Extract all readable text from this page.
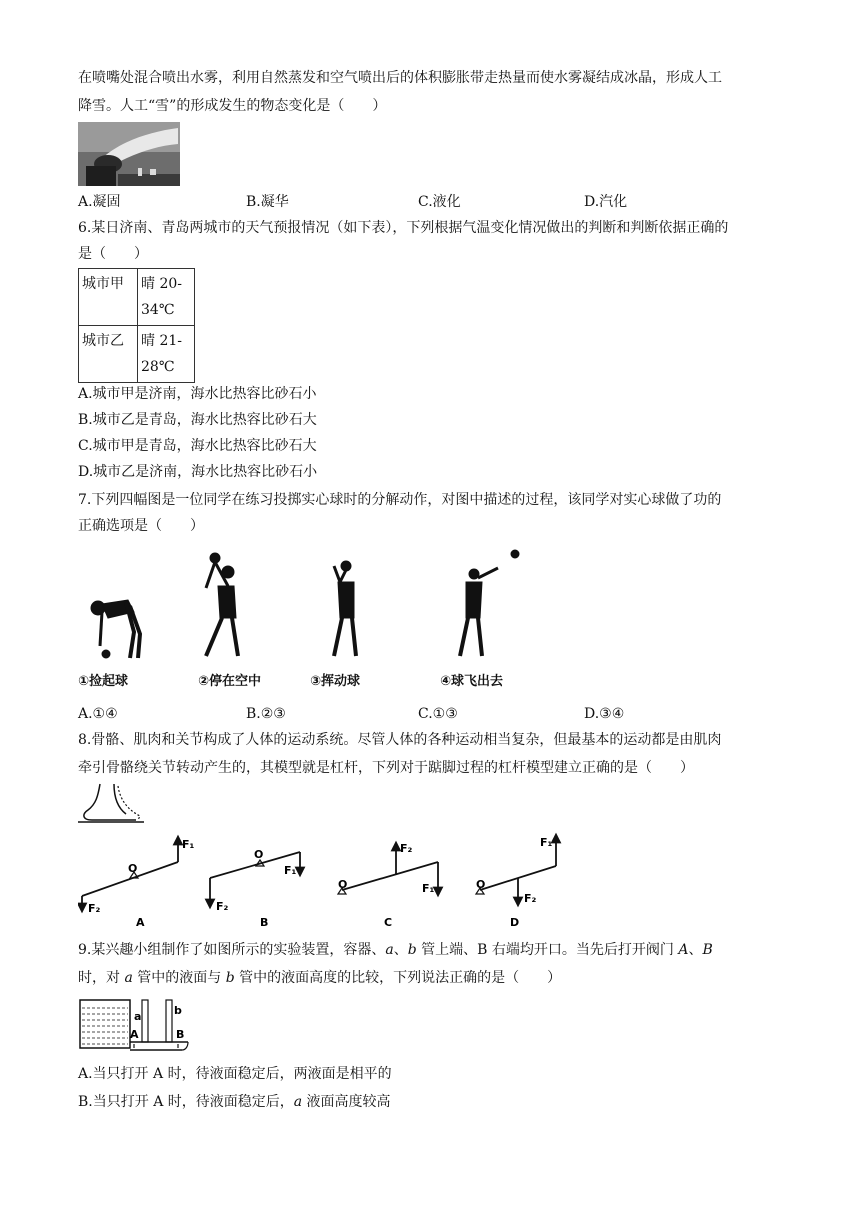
在喷嘴处混合喷出水雾，利用自然蒸发和空气喷出后的体积膨胀带走热量而使水雾凝结成冰晶，形成人工
降雪。人工“雪”的形成发生的物态变化是（　　）
A.凝固	B.凝华	C.液化	D.汽化
6.某日济南、青岛两城市的天气预报情况（如下表），下列根据气温变化情况做出的判断和判断依据正确的
是（　　）
城市甲	晴 20-
34℃
城市乙	晴 21-
28℃
A.城市甲是济南，海水比热容比砂石小
B.城市乙是青岛，海水比热容比砂石大
C.城市甲是青岛，海水比热容比砂石大
D.城市乙是济南，海水比热容比砂石小
7.下列四幅图是一位同学在练习投掷实心球时的分解动作，对图中描述的过程，该同学对实心球做了功的
正确选项是（　　）
①捡起球	②停在空中	③挥动球	④球飞出去
A.①④	B.②③	C.①③	D.③④
8.骨骼、肌肉和关节构成了人体的运动系统。尽管人体的各种运动相当复杂，但最基本的运动都是由肌肉
牵引骨骼绕关节转动产生的，其模型就是杠杆，下列对于踮脚过程的杠杆模型建立正确的是（　　）
O
F₁
F₂
A
O
F₁
F₂
B
O
F₂
F₁
C
O
F₁
F₂
D
9.某兴趣小组制作了如图所示的实验装置，容器、a、b 管上端、B 右端均开口。当先后打开阀门 A、B
时，对 a 管中的液面与 b 管中的液面高度的比较，下列说法正确的是（　　）
a	b
A	B
A.当只打开 A 时，待液面稳定后，两液面是相平的
B.当只打开 A 时，待液面稳定后，a 液面高度较高
